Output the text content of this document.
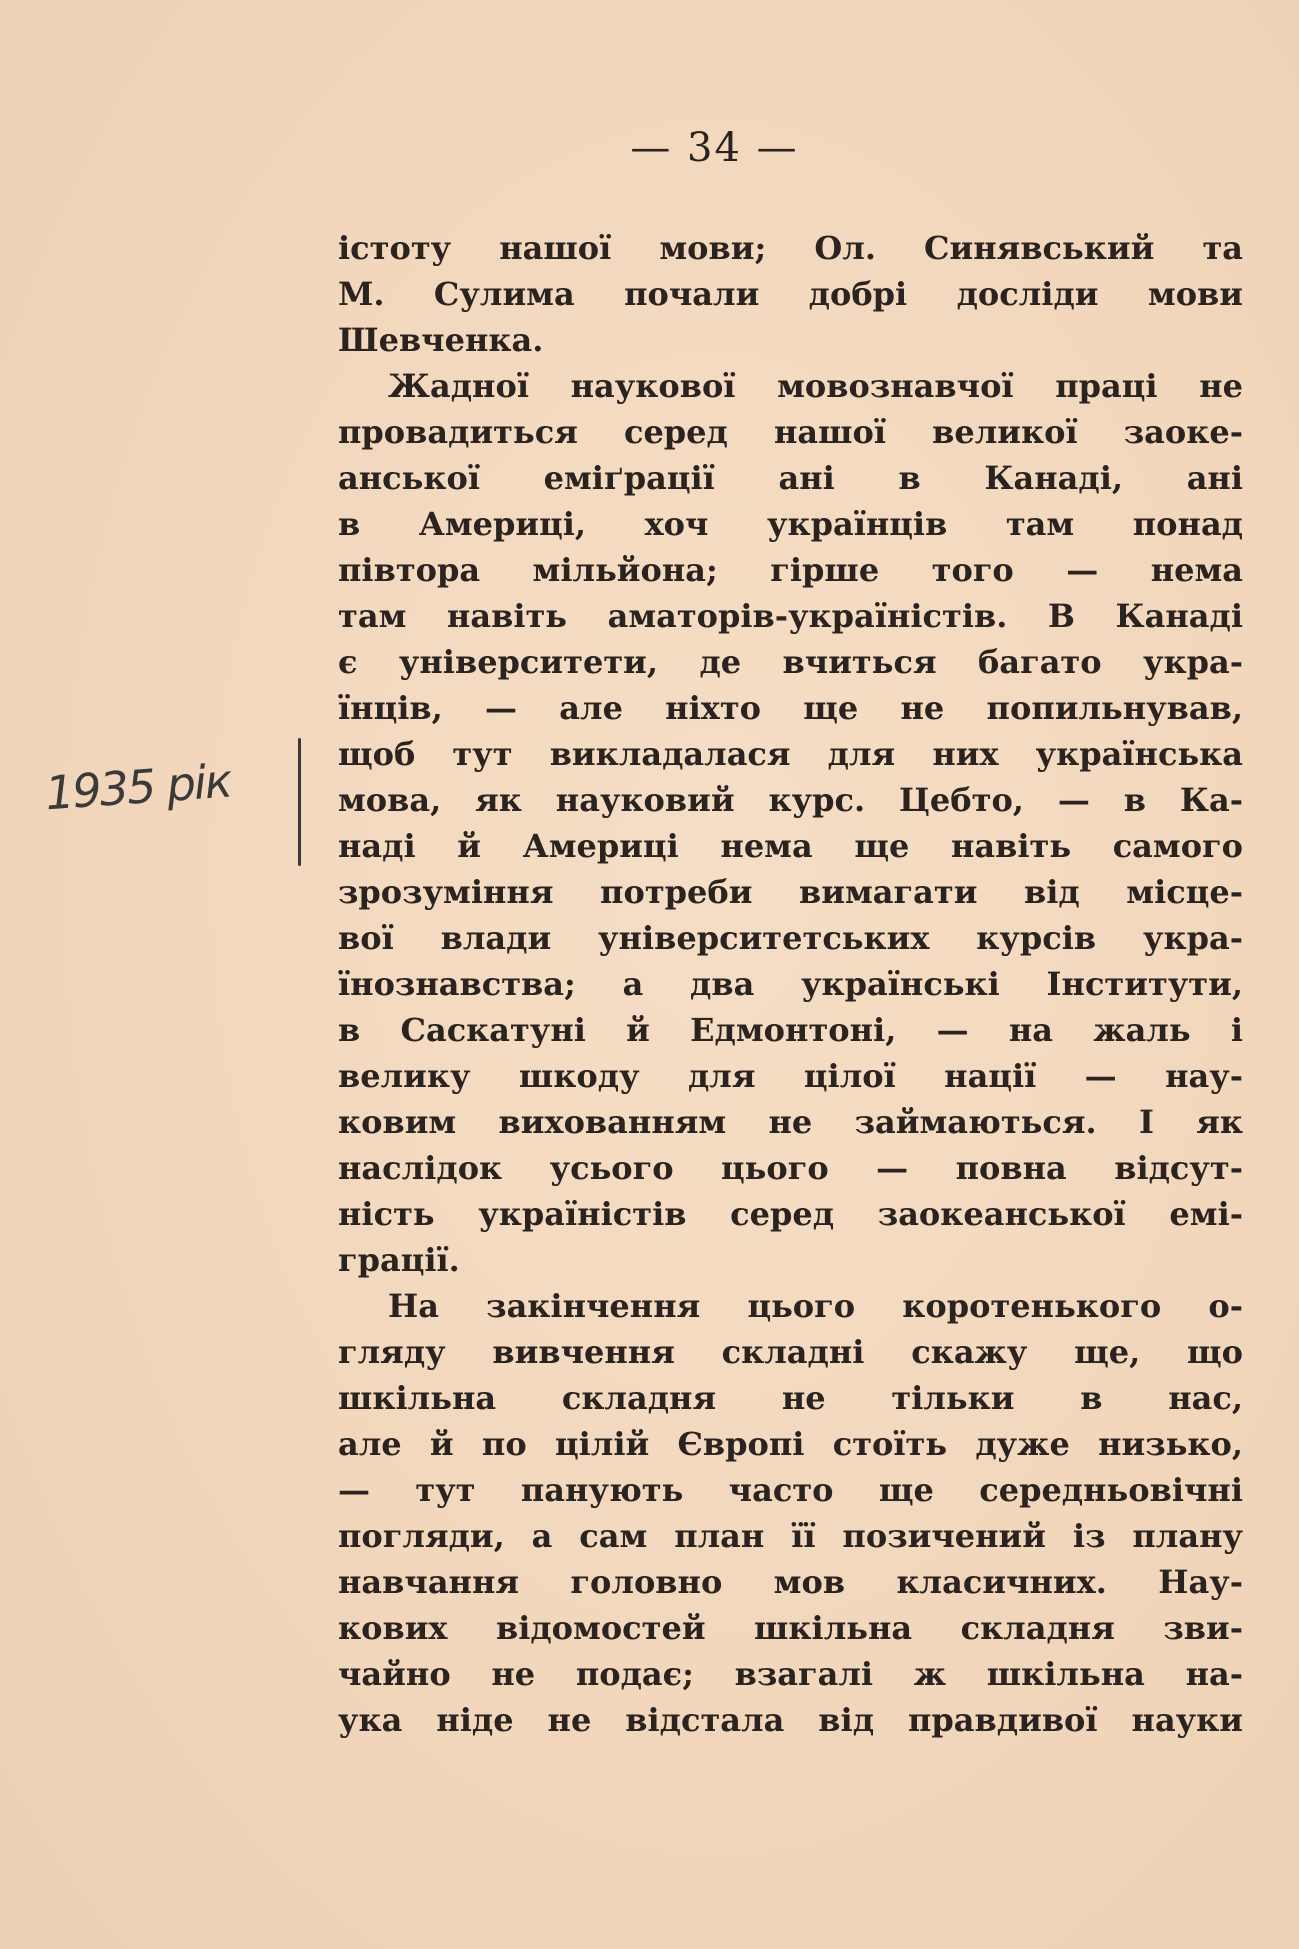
— 34 —
1935 рік
істоту нашої мови; Ол. Синявський та
М. Сулима почали добрі досліди мови
Шевченка.
Жадної наукової мовознавчої праці не
провадиться серед нашої великої заоке-
анської еміґрації ані в Канаді, ані
в Америці, хоч українців там понад
півтора мільйона; гірше того — нема
там навіть аматорів-україністів. В Канаді
є університети, де вчиться багато укра-
їнців, — але ніхто ще не попильнував,
щоб тут викладалася для них українська
мова, як науковий курс. Цебто, — в Ка-
наді й Америці нема ще навіть самого
зрозуміння потреби вимагати від місце-
вої влади університетських курсів укра-
їнознавства; а два українські Інститути,
в Саскатуні й Едмонтоні, — на жаль і
велику шкоду для цілої нації — нау-
ковим вихованням не займаються. І як
наслідок усього цього — повна відсут-
ність україністів серед заокеанської емі-
грації.
На закінчення цього коротенького о-
гляду вивчення складні скажу ще, що
шкільна складня не тільки в нас,
але й по цілій Європі стоїть дуже низько,
— тут панують часто ще середньовічні
погляди, а сам план її позичений із плану
навчання головно мов класичних. Нау-
кових відомостей шкільна складня зви-
чайно не подає; взагалі ж шкільна на-
ука ніде не відстала від правдивої науки
